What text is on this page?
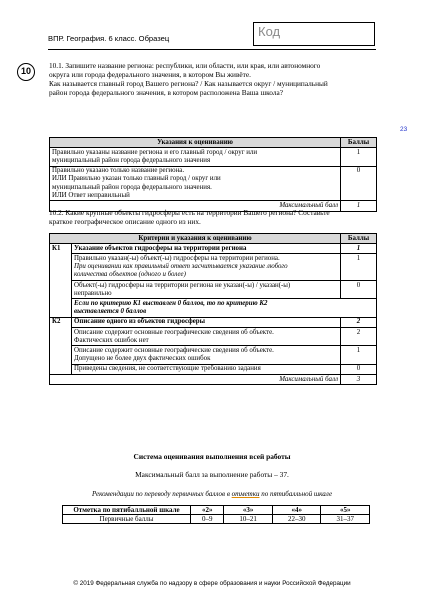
ВПР. География. 6 класс. Образец	Код
10
10.1. Запишите название региона: республики, или области, или края, или автономного
округа или города федерального значения, в котором Вы живёте.
Как называется главный город Вашего региона? / Как называется округ / муниципальный
район города федерального значения, в котором расположена Ваша школа?
23
Указания к оцениванию	Баллы

Правильно указаны название региона и его главный город / округ или
муниципальный район города федерального значения	1

Правильно указано только название региона.
ИЛИ Правильно указан только главный город / округ или
муниципальный район города федерального значения.
ИЛИ Ответ неправильный	0
Максимальный балл	1
10.2. Какие крупные объекты гидросферы есть на территории Вашего региона? Составьте
краткое географическое описание одного из них.
Критерии и указания к оцениванию		Баллы
К1	Указание объектов гидросферы на территории региона	1

	Правильно указан(-ы) объект(-ы) гидросферы на территории региона.
При оценивании как правильный ответ засчитывается указание любого
количества объектов (одного и более)	1

	Объект(-ы) гидросферы на территории региона не указан(-ы) / указан(-ы)
неправильно	0

	Если по критерию К1 выставлен 0 баллов, то по критерию К2
выставляется 0 баллов	

К2	Описание одного из объектов гидросферы	2

	Описание содержит основные географические сведения об объекте.
Фактических ошибок нет	2

	Описание содержит основные географические сведения об объекте.
Допущено не более двух фактических ошибок	1

	Приведены сведения, не соответствующие требованию задания	0
Максимальный балл		3
Система оценивания выполнения всей работы
Максимальный балл за выполнение работы – 37.
Рекомендации по переводу первичных баллов в отметки по пятибалльной шкале
Отметка по пятибалльной шкале	«2»	«3»	«4»	«5»
Первичные баллы	0–9	10–21	22–30	31–37
© 2019 Федеральная служба по надзору в сфере образования и науки Российской Федерации
